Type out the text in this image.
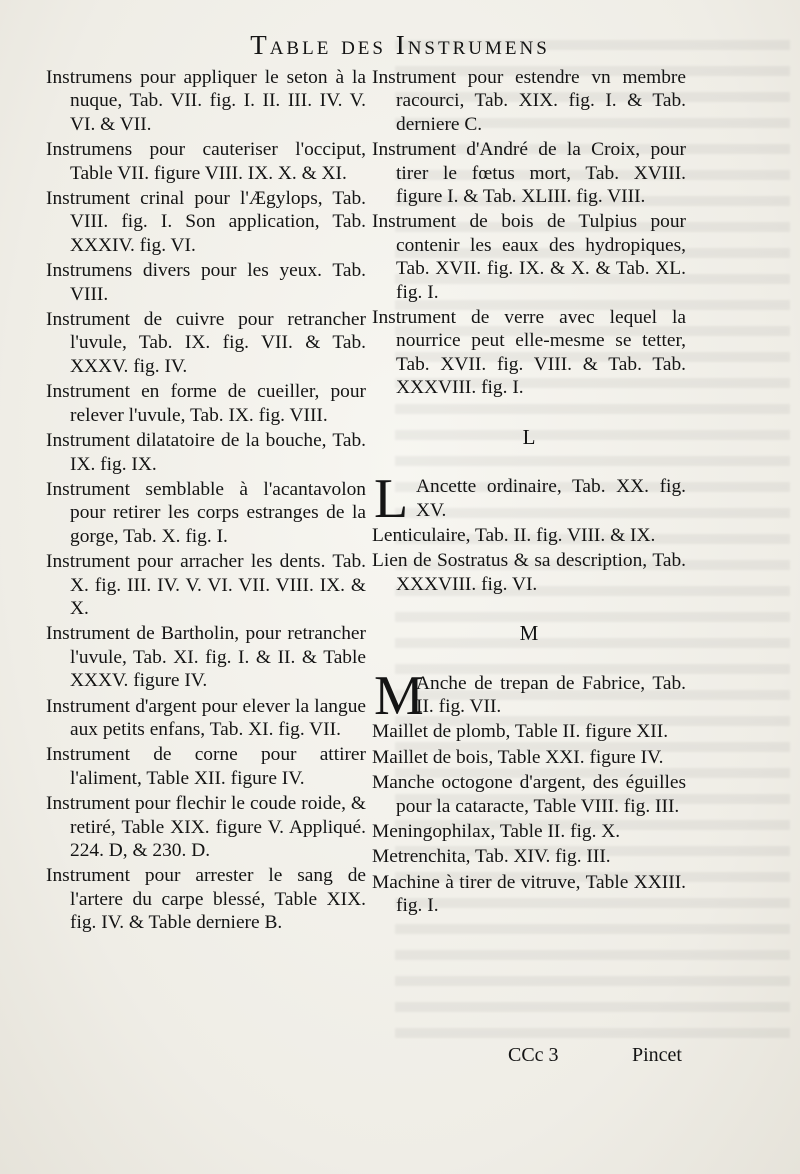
Table des Instrumens
Instrumens pour appliquer le seton à la nuque, Tab. VII. fig. I. II. III. IV. V. VI. & VII.
Instrumens pour cauteriser l'occiput, Table VII. figure VIII. IX. X. & XI.
Instrument crinal pour l'Ægylops, Tab. VIII. fig. I. Son application, Tab. XXXIV. fig. VI.
Instrumens divers pour les yeux. Tab. VIII.
Instrument de cuivre pour retrancher l'uvule, Tab. IX. fig. VII. & Tab. XXXV. fig. IV.
Instrument en forme de cueiller, pour relever l'uvule, Tab. IX. fig. VIII.
Instrument dilatatoire de la bouche, Tab. IX. fig. IX.
Instrument semblable à l'acantavolon pour retirer les corps estranges de la gorge, Tab. X. fig. I.
Instrument pour arracher les dents. Tab. X. fig. III. IV. V. VI. VII. VIII. IX. & X.
Instrument de Bartholin, pour retrancher l'uvule, Tab. XI. fig. I. & II. & Table XXXV. figure IV.
Instrument d'argent pour elever la langue aux petits enfans, Tab. XI. fig. VII.
Instrument de corne pour attirer l'aliment, Table XII. figure IV.
Instrument pour flechir le coude roide, & retiré, Table XIX. figure V. Appliqué. 224. D, & 230. D.
Instrument pour arrester le sang de l'artere du carpe blessé, Table XIX. fig. IV. & Table derniere B.
Instrument pour estendre vn membre racourci, Tab. XIX. fig. I. & Tab. derniere C.
Instrument d'André de la Croix, pour tirer le fœtus mort, Tab. XVIII. figure I. & Tab. XLIII. fig. VIII.
Instrument de bois de Tulpius pour contenir les eaux des hydropiques, Tab. XVII. fig. IX. & X. & Tab. XL. fig. I.
Instrument de verre avec lequel la nourrice peut elle-mesme se tetter, Tab. XVII. fig. VIII. & Tab. Tab. XXXVIII. fig. I.
L
L Ancette ordinaire, Tab. XX. fig. XV.
Lenticulaire, Tab. II. fig. VIII. & IX.
Lien de Sostratus & sa description, Tab. XXXVIII. fig. VI.
M
M
Anche de trepan de Fabrice, Tab. II. fig. VII.
Maillet de plomb, Table II. figure XII.
Maillet de bois, Table XXI. figure IV.
Manche octogone d'argent, des éguilles pour la cataracte, Table VIII. fig. III.
Meningophilax, Table II. fig. X.
Metrenchita, Tab. XIV. fig. III.
Machine à tirer de vitruve, Table XXIII. fig. I.
CCc 3	Pincet
